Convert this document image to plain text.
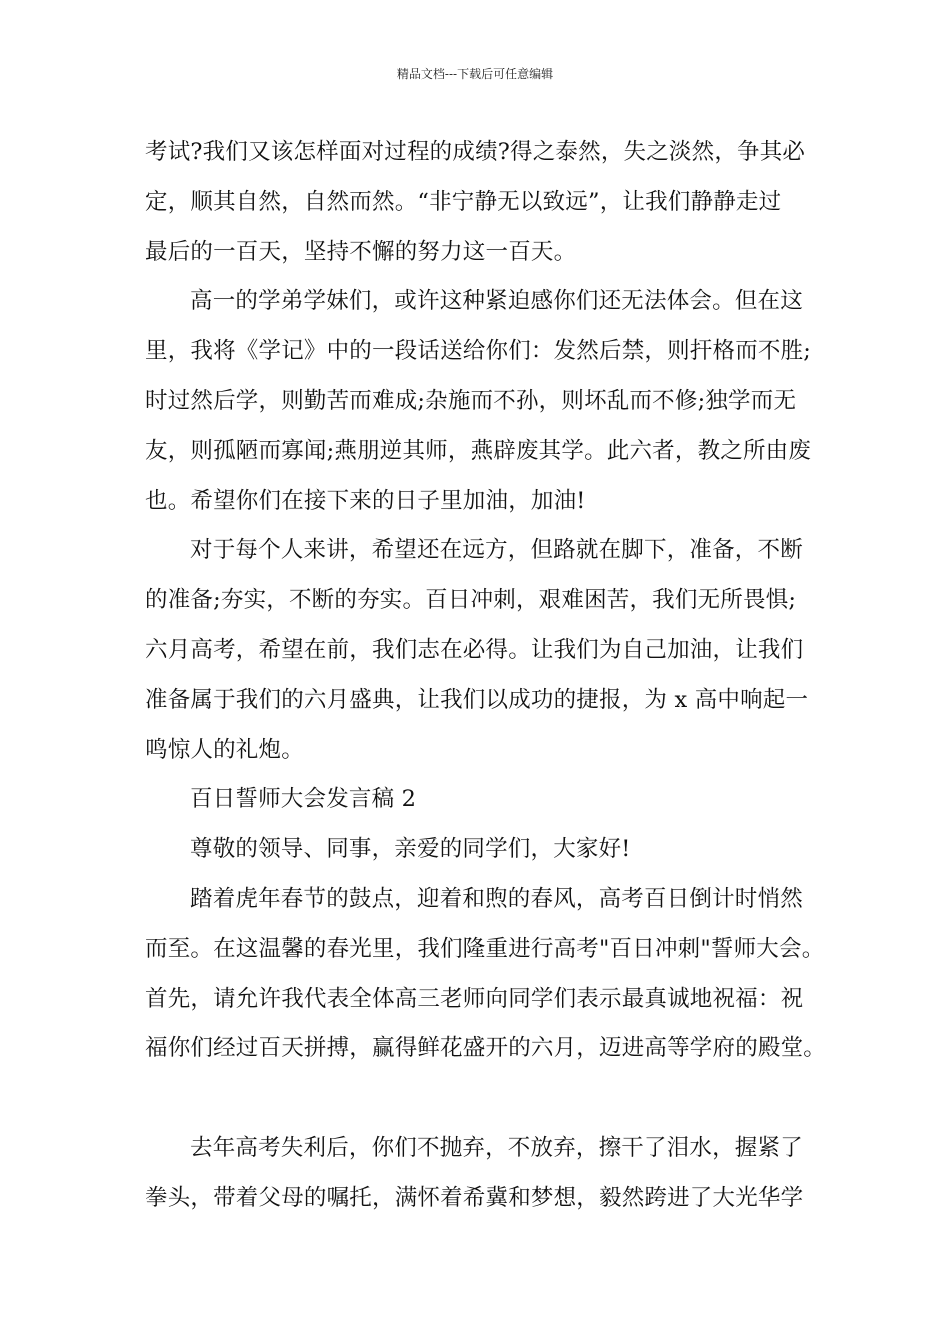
精品文档---下载后可任意编辑
考试?我们又该怎样面对过程的成绩?得之泰然，失之淡然，争其必
定，顺其自然，自然而然。“非宁静无以致远”，让我们静静走过
最后的一百天，坚持不懈的努力这一百天。
高一的学弟学妹们，或许这种紧迫感你们还无法体会。但在这
里，我将《学记》中的一段话送给你们：发然后禁，则扞格而不胜;
时过然后学，则勤苦而难成;杂施而不孙，则坏乱而不修;独学而无
友，则孤陋而寡闻;燕朋逆其师，燕辟废其学。此六者，教之所由废
也。希望你们在接下来的日子里加油，加油!
对于每个人来讲，希望还在远方，但路就在脚下，准备，不断
的准备;夯实，不断的夯实。百日冲刺，艰难困苦，我们无所畏惧;
六月高考，希望在前，我们志在必得。让我们为自己加油，让我们
准备属于我们的六月盛典，让我们以成功的捷报，为 x 高中响起一
鸣惊人的礼炮。
百日誓师大会发言稿 2
尊敬的领导、同事，亲爱的同学们，大家好!
踏着虎年春节的鼓点，迎着和煦的春风，高考百日倒计时悄然
而至。在这温馨的春光里，我们隆重进行高考"百日冲刺"誓师大会。
首先，请允许我代表全体高三老师向同学们表示最真诚地祝福：祝
福你们经过百天拼搏，赢得鲜花盛开的六月，迈进高等学府的殿堂。
去年高考失利后，你们不抛弃，不放弃，擦干了泪水，握紧了
拳头，带着父母的嘱托，满怀着希冀和梦想，毅然跨进了大光华学
